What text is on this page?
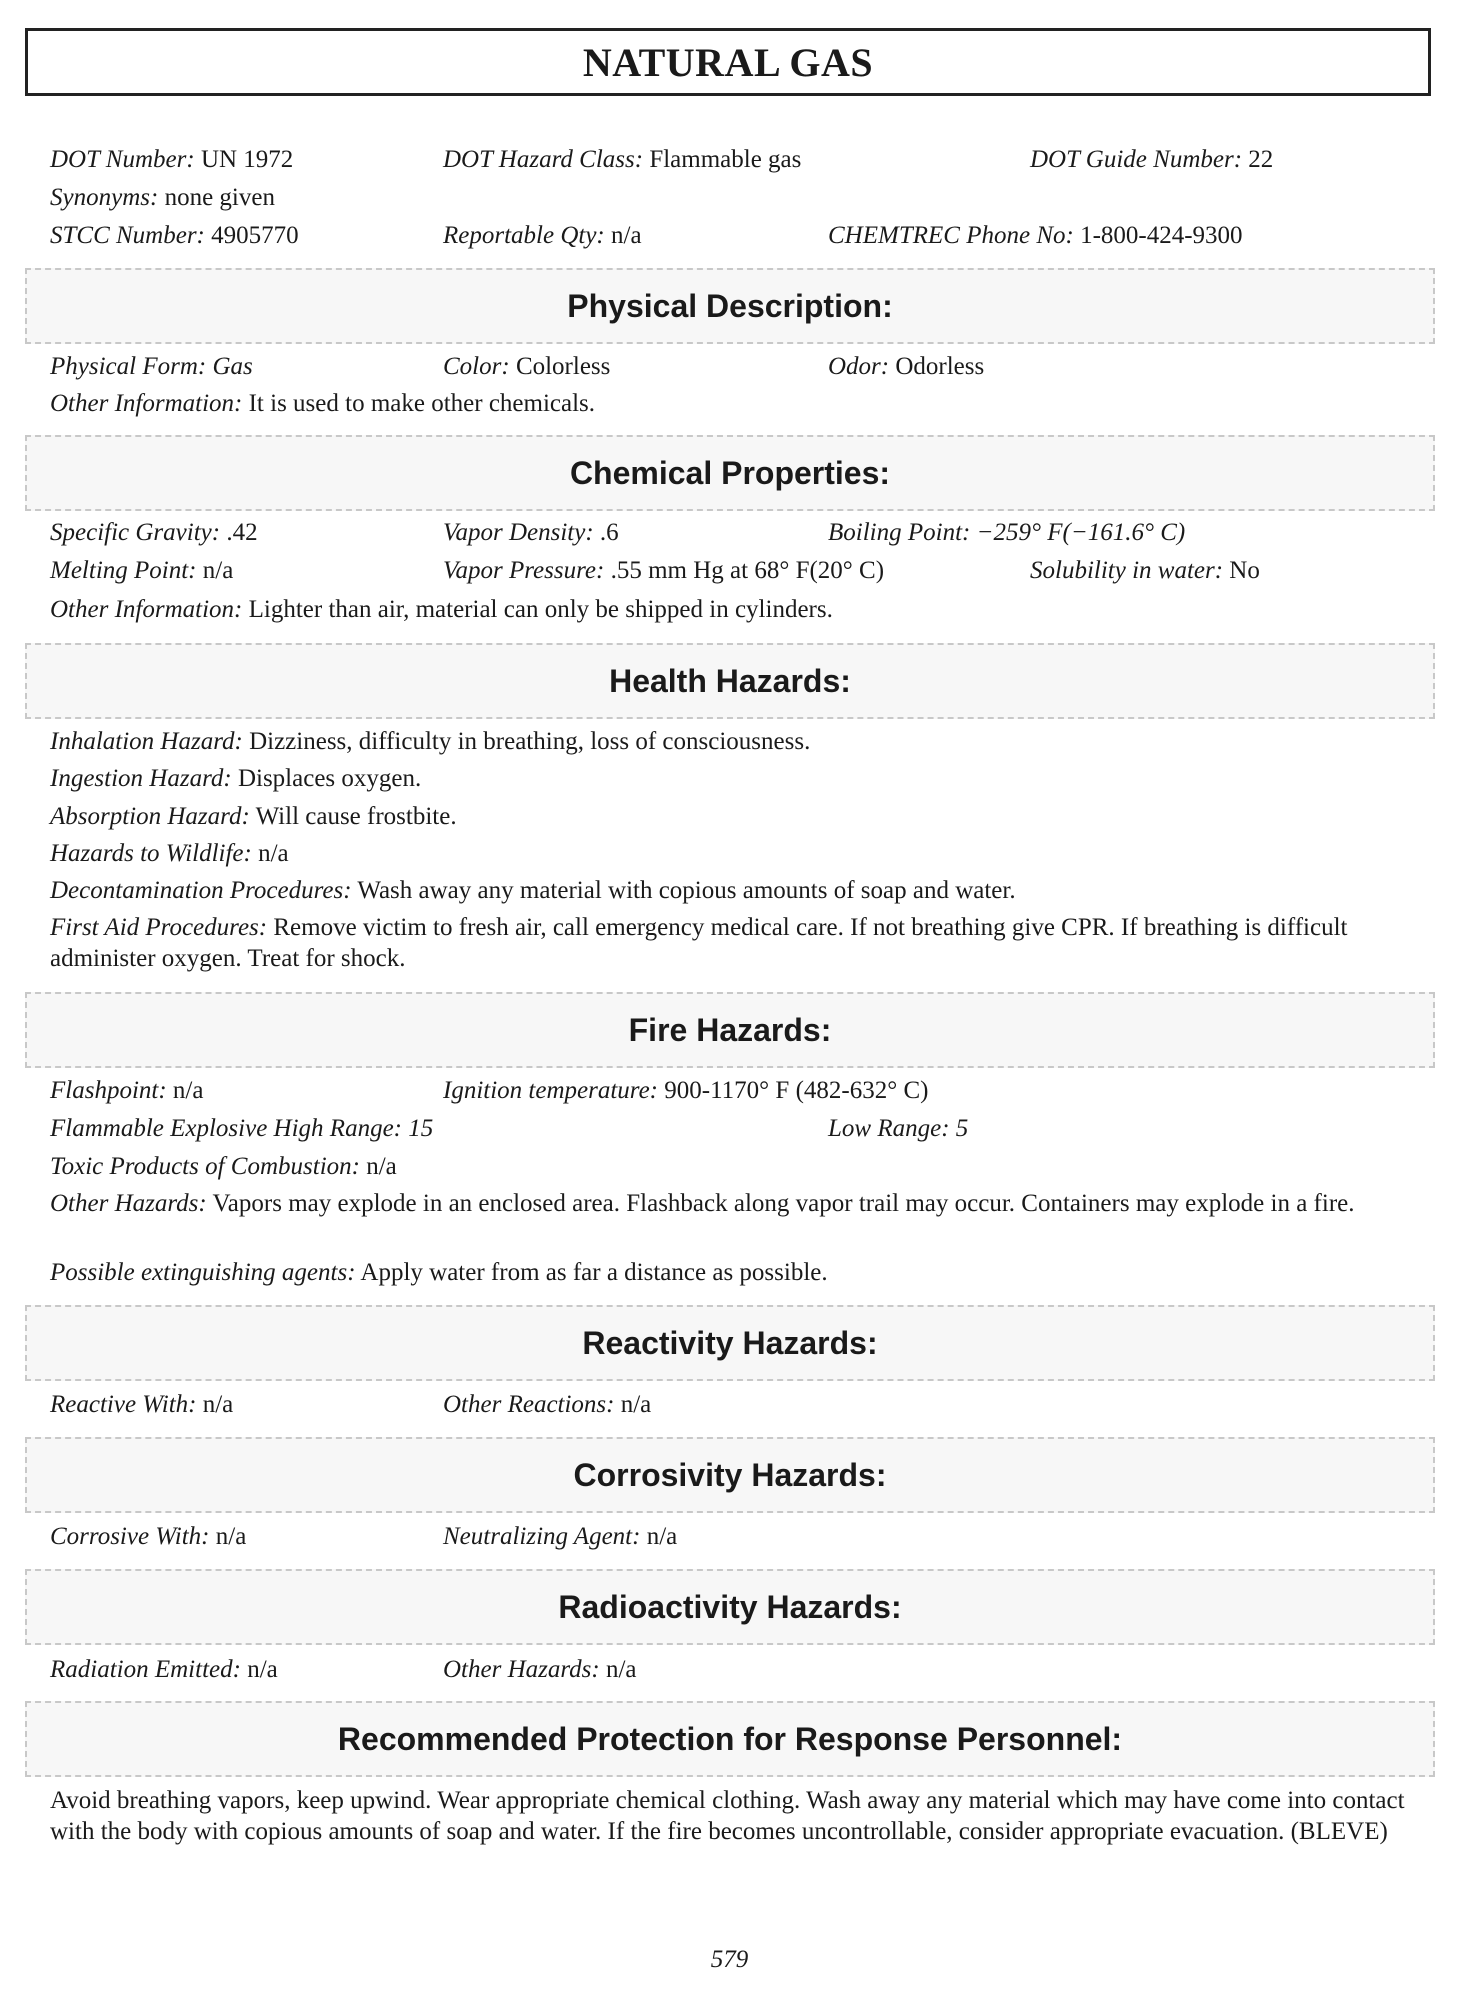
NATURAL GAS
DOT Number: UN 1972	DOT Hazard Class: Flammable gas	DOT Guide Number: 22
Synonyms: none given
STCC Number: 4905770	Reportable Qty: n/a	CHEMTREC Phone No: 1-800-424-9300
Physical Description:
Physical Form: Gas	Color: Colorless	Odor: Odorless
Other Information: It is used to make other chemicals.
Chemical Properties:
Specific Gravity: .42	Vapor Density: .6	Boiling Point: −259° F(−161.6° C)
Melting Point: n/a	Vapor Pressure: .55 mm Hg at 68° F(20° C)	Solubility in water: No
Other Information: Lighter than air, material can only be shipped in cylinders.
Health Hazards:
Inhalation Hazard: Dizziness, difficulty in breathing, loss of consciousness.
Ingestion Hazard: Displaces oxygen.
Absorption Hazard: Will cause frostbite.
Hazards to Wildlife: n/a
Decontamination Procedures: Wash away any material with copious amounts of soap and water.
First Aid Procedures: Remove victim to fresh air, call emergency medical care. If not breathing give CPR. If breathing is difficult administer oxygen. Treat for shock.
Fire Hazards:
Flashpoint: n/a	Ignition temperature: 900-1170° F (482-632° C)
Flammable Explosive High Range: 15	Low Range: 5
Toxic Products of Combustion: n/a
Other Hazards: Vapors may explode in an enclosed area. Flashback along vapor trail may occur. Containers may explode in a fire.
Possible extinguishing agents: Apply water from as far a distance as possible.
Reactivity Hazards:
Reactive With: n/a	Other Reactions: n/a
Corrosivity Hazards:
Corrosive With: n/a	Neutralizing Agent: n/a
Radioactivity Hazards:
Radiation Emitted: n/a	Other Hazards: n/a
Recommended Protection for Response Personnel:
Avoid breathing vapors, keep upwind. Wear appropriate chemical clothing. Wash away any material which may have come into contact with the body with copious amounts of soap and water. If the fire becomes uncontrollable, consider appropriate evacuation. (BLEVE)
579
